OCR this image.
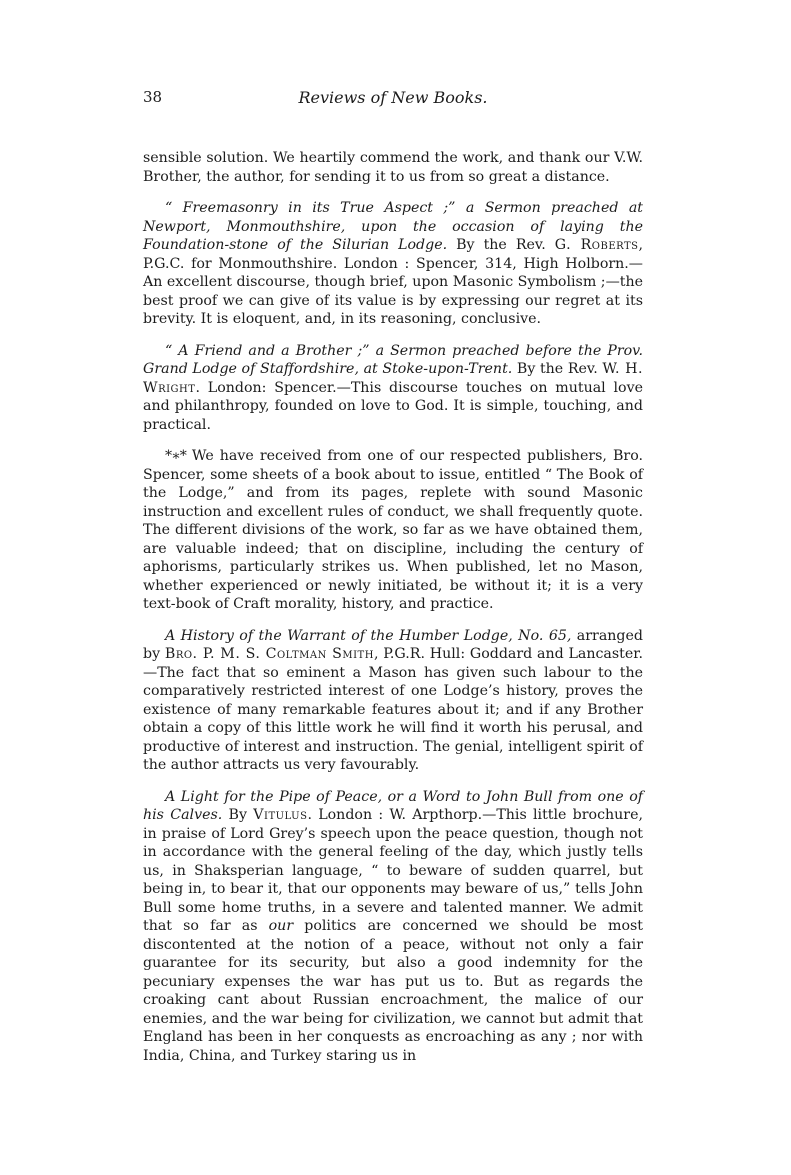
38	Reviews of New Books.

sensible solution. We heartily commend the work, and thank our V.W. Brother, the author, for sending it to us from so great a distance.

“ Freemasonry in its True Aspect ;” a Sermon preached at Newport, Monmouthshire, upon the occasion of laying the Foundation-stone of the Silurian Lodge. By the Rev. G. Roberts, P.G.C. for Monmouthshire. London : Spencer, 314, High Holborn.—An excellent discourse, though brief, upon Masonic Symbolism ;—the best proof we can give of its value is by expressing our regret at its brevity. It is eloquent, and, in its reasoning, conclusive.

“ A Friend and a Brother ;” a Sermon preached before the Prov. Grand Lodge of Staffordshire, at Stoke-upon-Trent. By the Rev. W. H. Wright. London: Spencer.—This discourse touches on mutual love and philanthropy, founded on love to God. It is simple, touching, and practical.

*∗* We have received from one of our respected publishers, Bro. Spencer, some sheets of a book about to issue, entitled “ The Book of the Lodge,” and from its pages, replete with sound Masonic instruction and excellent rules of conduct, we shall frequently quote. The different divisions of the work, so far as we have obtained them, are valuable indeed; that on discipline, including the century of aphorisms, particularly strikes us. When published, let no Mason, whether experienced or newly initiated, be without it; it is a very text-book of Craft morality, history, and practice.

A History of the Warrant of the Humber Lodge, No. 65, arranged by Bro. P. M. S. Coltman Smith, P.G.R. Hull: Goddard and Lancaster.—The fact that so eminent a Mason has given such labour to the comparatively restricted interest of one Lodge’s history, proves the existence of many remarkable features about it; and if any Brother obtain a copy of this little work he will find it worth his perusal, and productive of interest and instruction. The genial, intelligent spirit of the author attracts us very favourably.

A Light for the Pipe of Peace, or a Word to John Bull from one of his Calves. By Vitulus. London : W. Arpthorp.—This little brochure, in praise of Lord Grey’s speech upon the peace question, though not in accordance with the general feeling of the day, which justly tells us, in Shaksperian language, “ to beware of sudden quarrel, but being in, to bear it, that our opponents may beware of us,” tells John Bull some home truths, in a severe and talented manner. We admit that so far as our politics are concerned we should be most discontented at the notion of a peace, without not only a fair guarantee for its security, but also a good indemnity for the pecuniary expenses the war has put us to. But as regards the croaking cant about Russian encroachment, the malice of our enemies, and the war being for civilization, we cannot but admit that England has been in her conquests as encroaching as any ; nor with India, China, and Turkey staring us in
